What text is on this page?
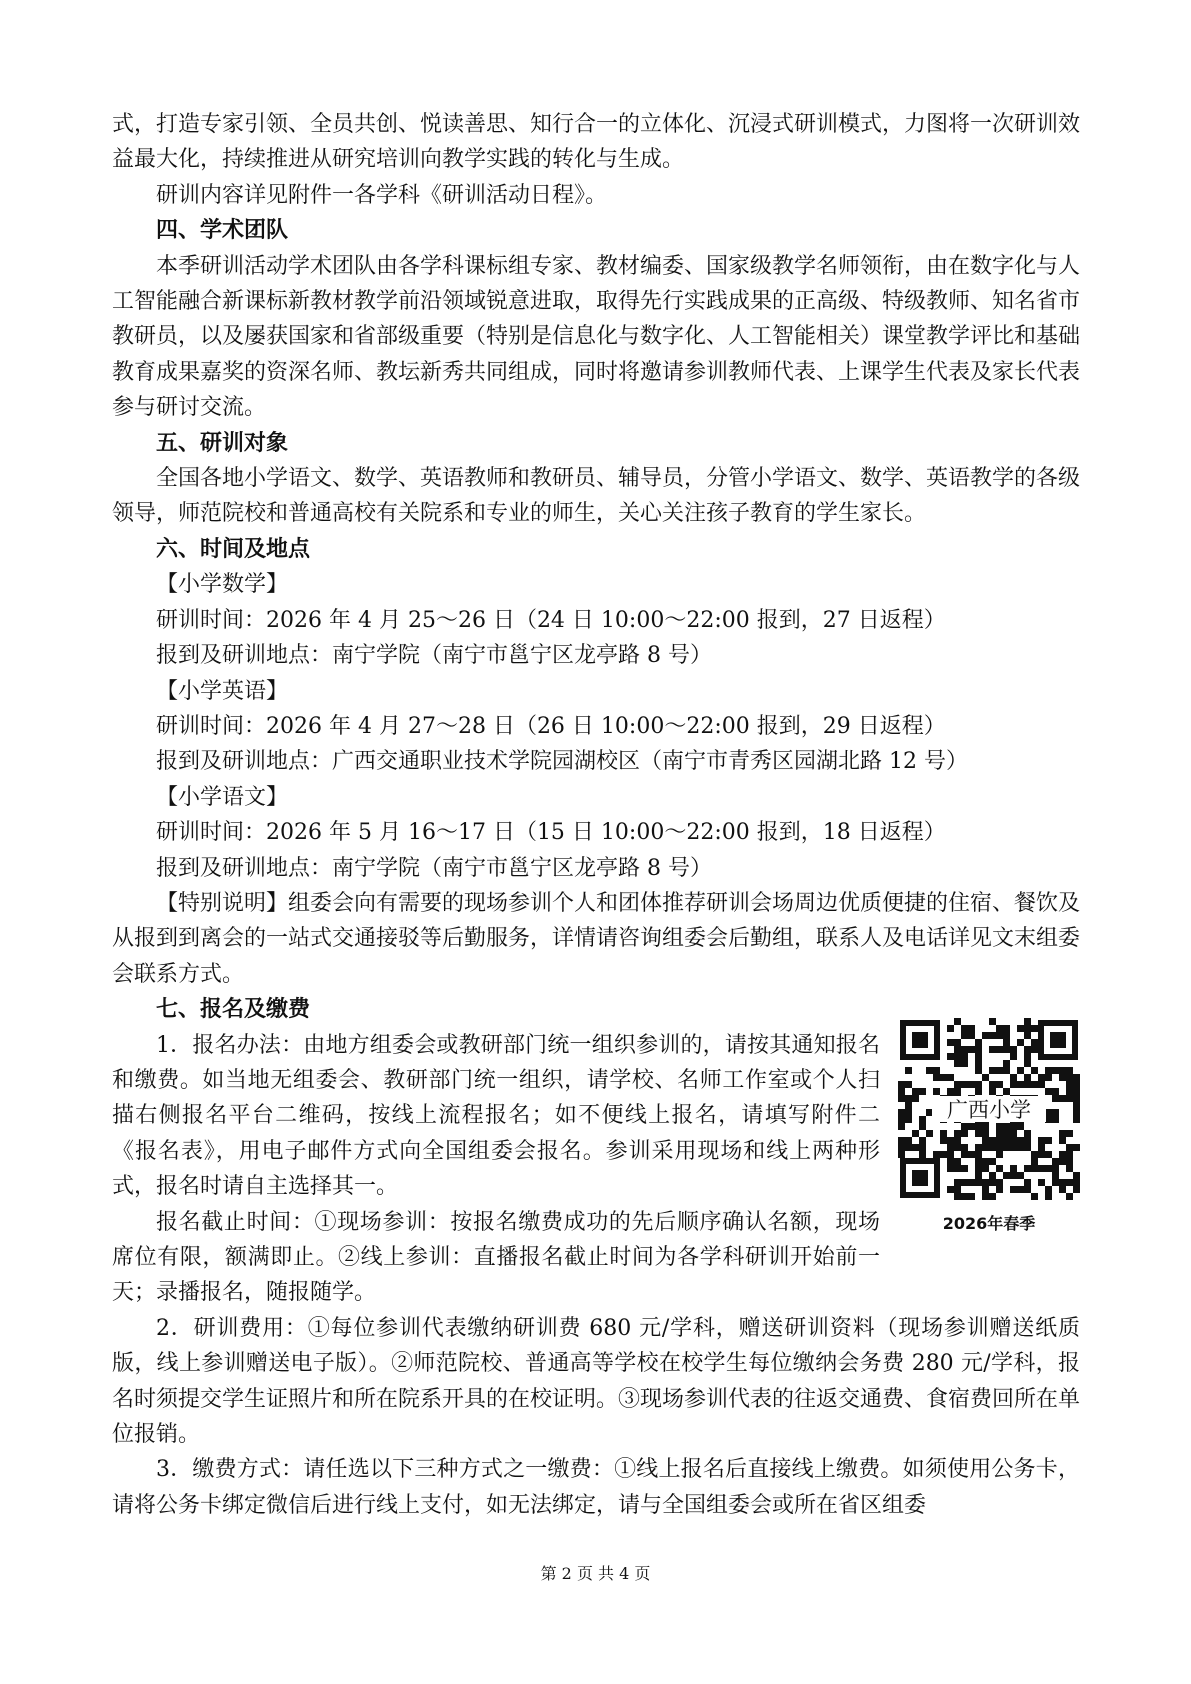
式，打造专家引领、全员共创、悦读善思、知行合一的立体化、沉浸式研训模式，力图将一次研训效益最大化，持续推进从研究培训向教学实践的转化与生成。

研训内容详见附件一各学科《研训活动日程》。

四、学术团队

本季研训活动学术团队由各学科课标组专家、教材编委、国家级教学名师领衔，由在数字化与人工智能融合新课标新教材教学前沿领域锐意进取，取得先行实践成果的正高级、特级教师、知名省市教研员，以及屡获国家和省部级重要（特别是信息化与数字化、人工智能相关）课堂教学评比和基础教育成果嘉奖的资深名师、教坛新秀共同组成，同时将邀请参训教师代表、上课学生代表及家长代表参与研讨交流。

五、研训对象

全国各地小学语文、数学、英语教师和教研员、辅导员，分管小学语文、数学、英语教学的各级领导，师范院校和普通高校有关院系和专业的师生，关心关注孩子教育的学生家长。

六、时间及地点

【小学数学】

研训时间：2026 年 4 月 25～26 日（24 日 10:00～22:00 报到，27 日返程）

报到及研训地点：南宁学院（南宁市邕宁区龙亭路 8 号）

【小学英语】

研训时间：2026 年 4 月 27～28 日（26 日 10:00～22:00 报到，29 日返程）

报到及研训地点：广西交通职业技术学院园湖校区（南宁市青秀区园湖北路 12 号）

【小学语文】

研训时间：2026 年 5 月 16～17 日（15 日 10:00～22:00 报到，18 日返程）

报到及研训地点：南宁学院（南宁市邕宁区龙亭路 8 号）

【特别说明】组委会向有需要的现场参训个人和团体推荐研训会场周边优质便捷的住宿、餐饮及从报到到离会的一站式交通接驳等后勤服务，详情请咨询组委会后勤组，联系人及电话详见文末组委会联系方式。

七、报名及缴费

1．报名办法：由地方组委会或教研部门统一组织参训的，请按其通知报名和缴费。如当地无组委会、教研部门统一组织，请学校、名师工作室或个人扫描右侧报名平台二维码，按线上流程报名；如不便线上报名，请填写附件二《报名表》，用电子邮件方式向全国组委会报名。参训采用现场和线上两种形式，报名时请自主选择其一。

报名截止时间：①现场参训：按报名缴费成功的先后顺序确认名额，现场席位有限，额满即止。②线上参训：直播报名截止时间为各学科研训开始前一天；录播报名，随报随学。

广西小学
2026年春季

2．研训费用：①每位参训代表缴纳研训费 680 元/学科，赠送研训资料（现场参训赠送纸质版，线上参训赠送电子版）。②师范院校、普通高等学校在校学生每位缴纳会务费 280 元/学科，报名时须提交学生证照片和所在院系开具的在校证明。③现场参训代表的往返交通费、食宿费回所在单位报销。

3．缴费方式：请任选以下三种方式之一缴费：①线上报名后直接线上缴费。如须使用公务卡，请将公务卡绑定微信后进行线上支付，如无法绑定，请与全国组委会或所在省区组委

第 2 页 共 4 页
